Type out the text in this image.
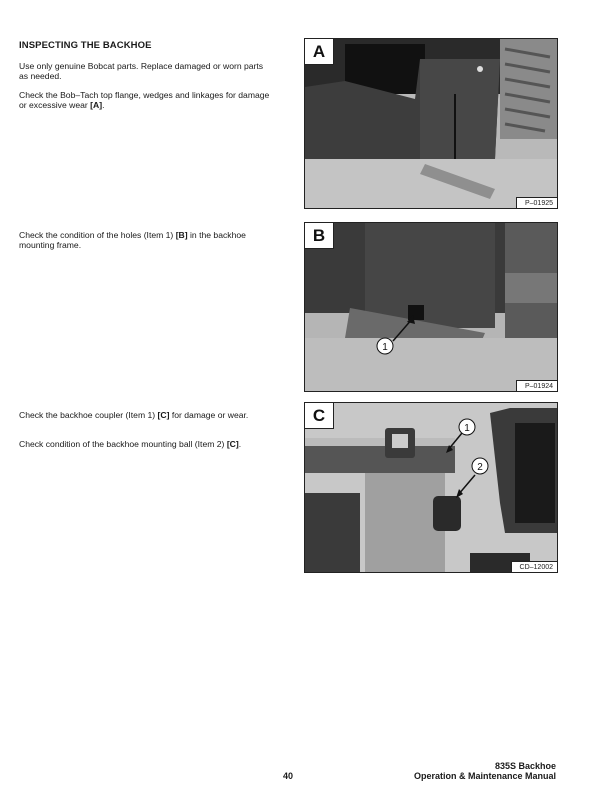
INSPECTING THE BACKHOE
Use only genuine Bobcat parts. Replace damaged or worn parts as needed.
Check the Bob–Tach top flange, wedges and linkages for damage or excessive wear [A].
Check the condition of the holes (Item 1) [B] in the backhoe mounting frame.
Check the backhoe coupler (Item 1) [C] for damage or wear.
Check condition of the backhoe mounting ball (Item 2) [C].
A
P–01925
1
B
P–01924
1
2
C
CD–12002
40
835S Backhoe
Operation & Maintenance Manual
